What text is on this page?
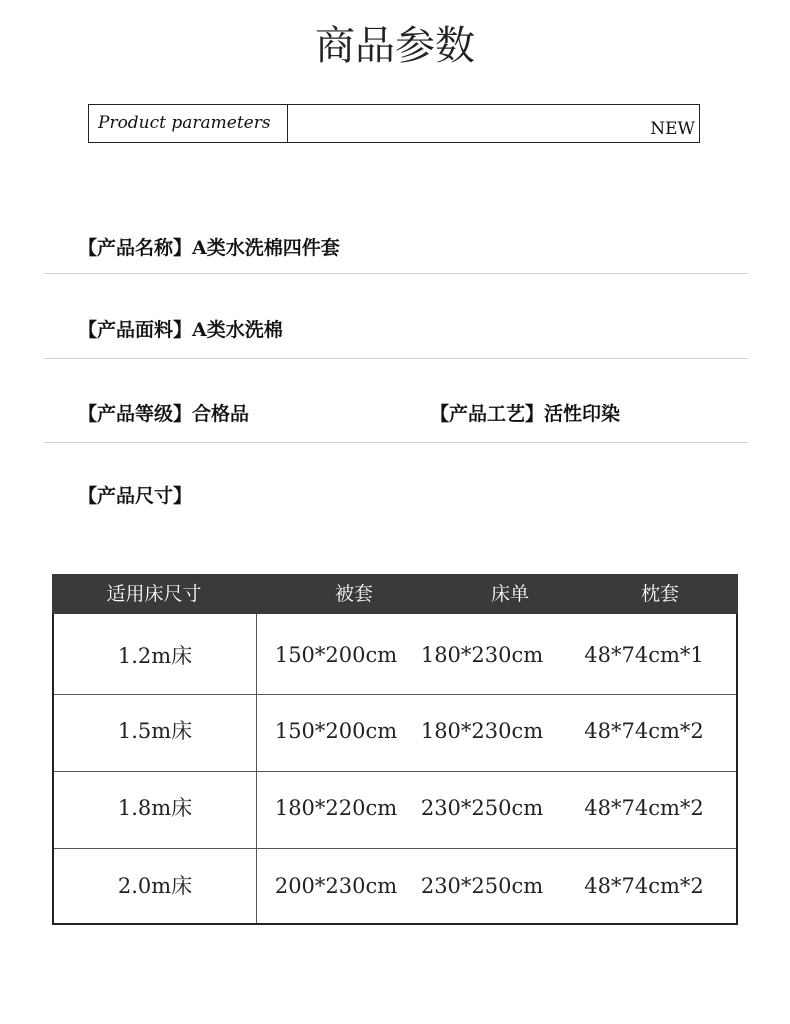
商品参数
Product parameters	NEW
【产品名称】A类水洗棉四件套
【产品面料】A类水洗棉
【产品等级】合格品	【产品工艺】活性印染
【产品尺寸】
适用床尺寸	被套	床单	枕套
1.2m床	150*200cm	180*230cm	48*74cm*1
1.5m床	150*200cm	180*230cm	48*74cm*2
1.8m床	180*220cm	230*250cm	48*74cm*2
2.0m床	200*230cm	230*250cm	48*74cm*2
